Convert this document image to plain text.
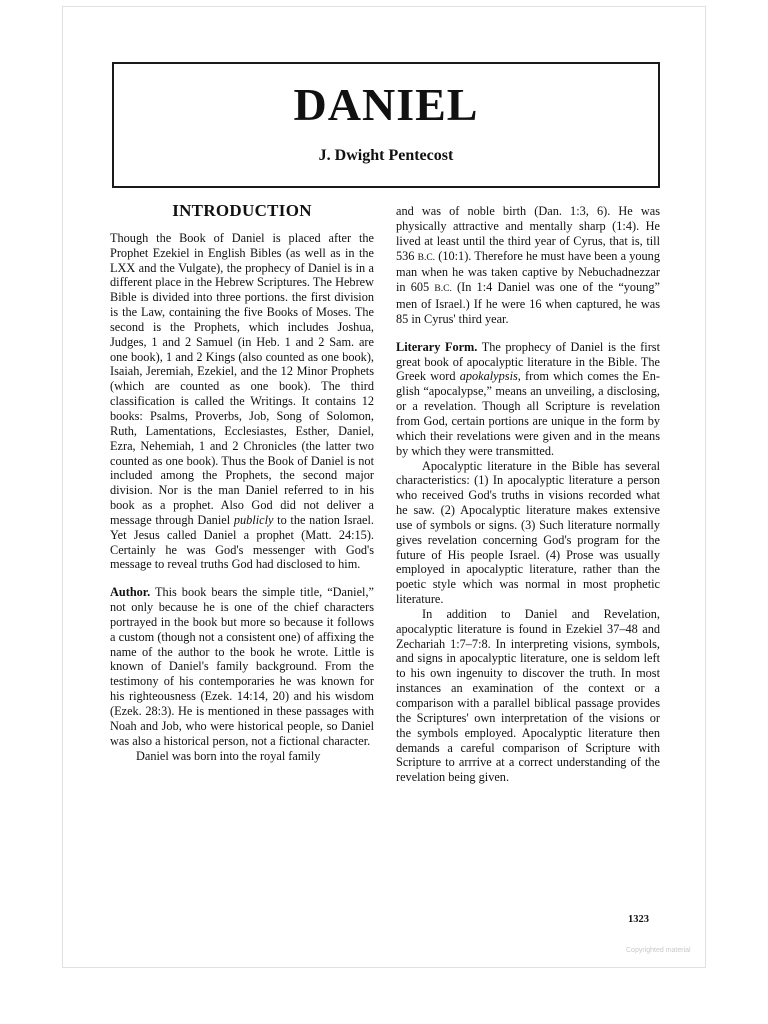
DANIEL
J. Dwight Pentecost
INTRODUCTION

Though the Book of Daniel is placed after the Prophet Ezekiel in English Bibles (as well as in the LXX and the Vulgate), the prophecy of Daniel is in a different place in the Hebrew Scriptures. The Hebrew Bible is divided into three portions. the first division is the Law, containing the five Books of Moses. The second is the Prophets, which includes Joshua, Judges, 1 and 2 Samuel (in Heb. 1 and 2 Sam. are one book), 1 and 2 Kings (also counted as one book), Isaiah, Jeremiah, Ezekiel, and the 12 Minor Prophets (which are counted as one book). The third classification is called the Writings. It contains 12 books: Psalms, Proverbs, Job, Song of Solomon, Ruth, Lamentations, Ecclesiastes, Esther, Daniel, Ezra, Nehemiah, 1 and 2 Chronicles (the latter two counted as one book). Thus the Book of Daniel is not included among the Prophets, the second major division. Nor is the man Daniel referred to in his book as a prophet. Also God did not deliver a message through Daniel publicly to the nation Israel. Yet Jesus called Daniel a prophet (Matt. 24:15). Certainly he was God's messenger with God's message to reveal truths God had disclosed to him.

Author. This book bears the simple title, “Daniel,” not only because he is one of the chief characters portrayed in the book but more so because it follows a custom (though not a consistent one) of affixing the name of the author to the book he wrote. Little is known of Daniel's family background. From the testimony of his contemporaries he was known for his righteousness (Ezek. 14:14, 20) and his wisdom (Ezek. 28:3). He is mentioned in these passages with Noah and Job, who were historical people, so Daniel was also a historical person, not a fictional character.

Daniel was born into the royal family

and was of noble birth (Dan. 1:3, 6). He was physically attractive and mentally sharp (1:4). He lived at least until the third year of Cyrus, that is, till 536 B.C. (10:1). Therefore he must have been a young man when he was taken captive by Nebuchadnezzar in 605 B.C. (In 1:4 Daniel was one of the “young” men of Israel.) If he were 16 when captured, he was 85 in Cyrus' third year.

Literary Form. The prophecy of Daniel is the first great book of apocalyptic literature in the Bible. The Greek word apokalypsis, from which comes the English “apocalypse,” means an unveiling, a disclosing, or a revelation. Though all Scripture is revelation from God, certain portions are unique in the form by which their revelations were given and in the means by which they were transmitted.

Apocalyptic literature in the Bible has several characteristics: (1) In apocalyptic literature a person who received God's truths in visions recorded what he saw. (2) Apocalyptic literature makes extensive use of symbols or signs. (3) Such literature normally gives revelation concerning God's program for the future of His people Israel. (4) Prose was usually employed in apocalyptic literature, rather than the poetic style which was normal in most prophetic literature.

In addition to Daniel and Revelation, apocalyptic literature is found in Ezekiel 37–48 and Zechariah 1:7–7:8. In interpreting visions, symbols, and signs in apocalyptic literature, one is seldom left to his own ingenuity to discover the truth. In most instances an examination of the context or a comparison with a parallel biblical passage provides the Scriptures' own interpretation of the visions or the symbols employed. Apocalyptic literature then demands a careful comparison of Scripture with Scripture to arrrive at a correct understanding of the revelation being given.

1323
Copyrighted material
